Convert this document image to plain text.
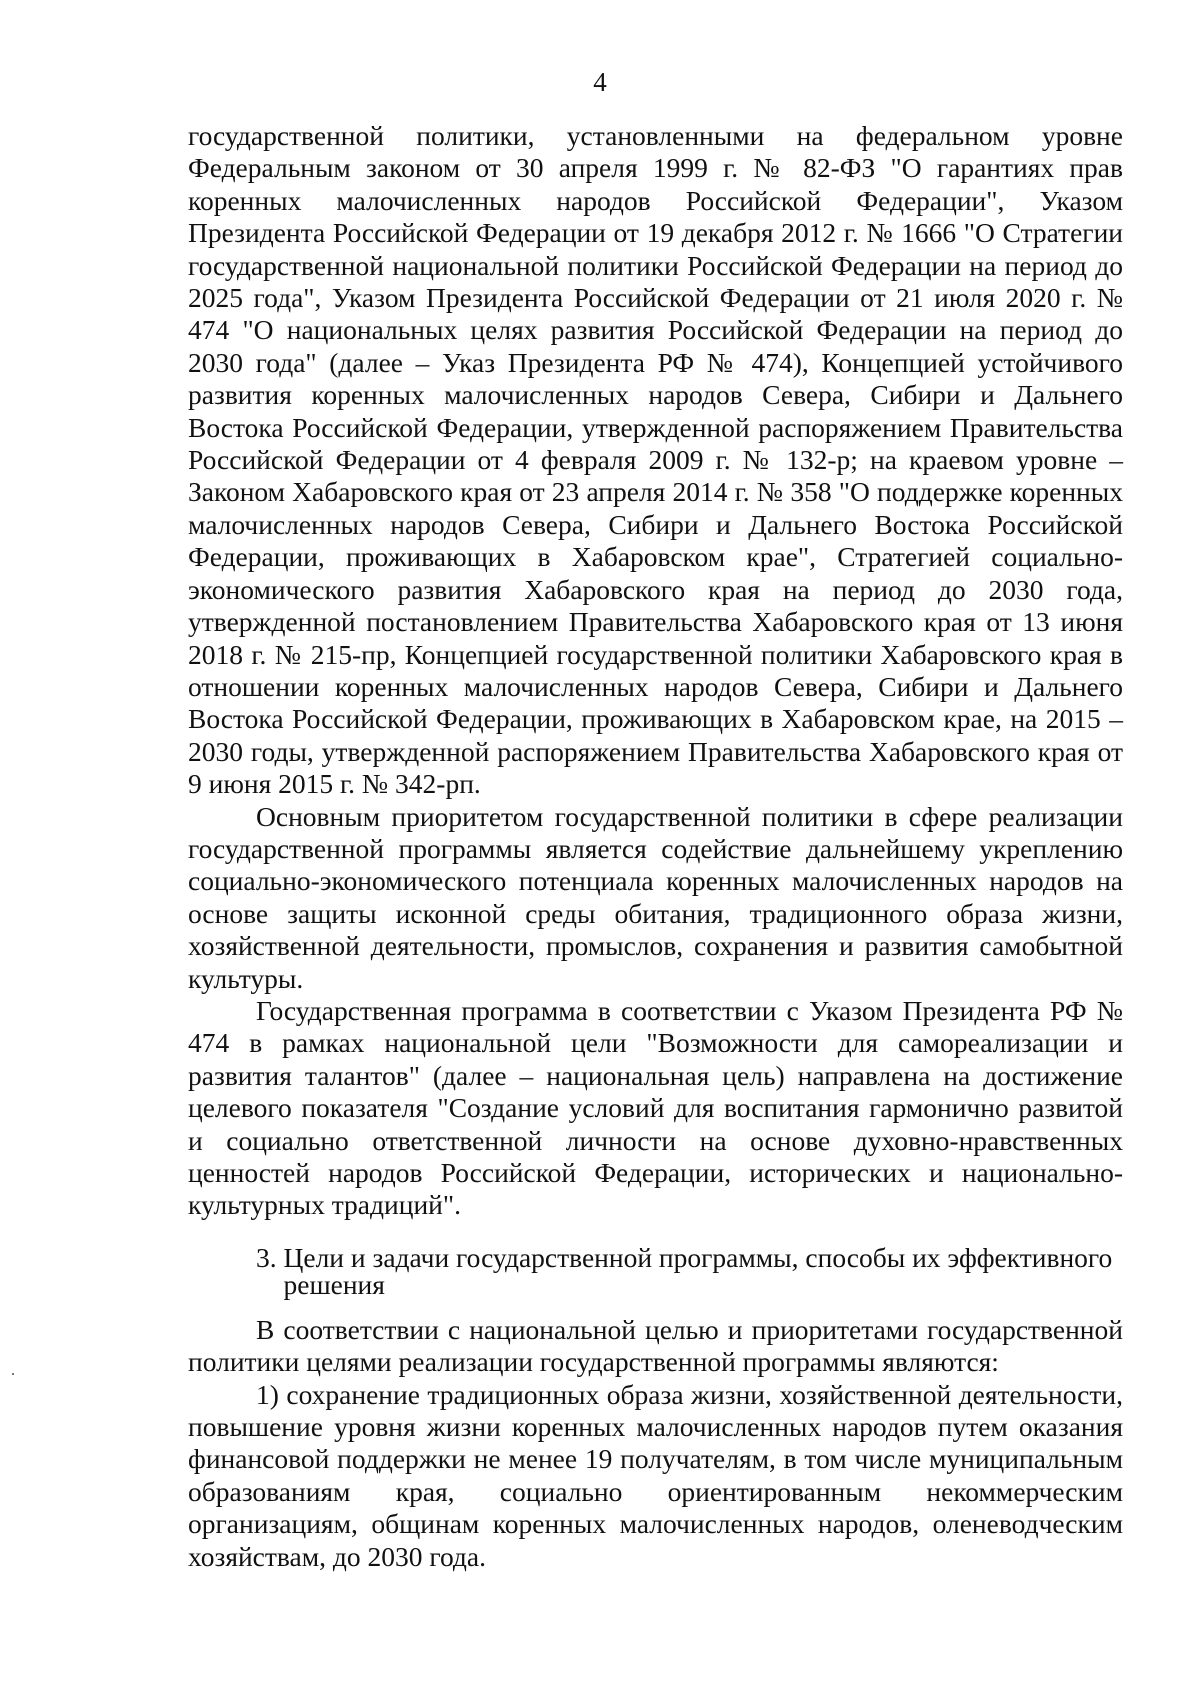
4

государственной политики, установленными на федеральном уровне Федеральным законом от 30 апреля 1999 г. № 82-ФЗ "О гарантиях прав коренных малочисленных народов Российской Федерации", Указом Президента Российской Федерации от 19 декабря 2012 г. № 1666 "О Стратегии государственной национальной политики Российской Федерации на период до 2025 года", Указом Президента Российской Федерации от 21 июля 2020 г. № 474 "О национальных целях развития Российской Федерации на период до 2030 года" (далее – Указ Президента РФ № 474), Концепцией устойчивого развития коренных малочисленных народов Севера, Сибири и Дальнего Востока Российской Федерации, утвержденной распоряжением Правительства Российской Федерации от 4 февраля 2009 г. № 132-р; на краевом уровне – Законом Хабаровского края от 23 апреля 2014 г. № 358 "О поддержке коренных малочисленных народов Севера, Сибири и Дальнего Востока Российской Федерации, проживающих в Хабаровском крае", Стратегией социально-экономического развития Хабаровского края на период до 2030 года, утвержденной постановлением Правительства Хабаровского края от 13 июня 2018 г. № 215-пр, Концепцией государственной политики Хабаровского края в отношении коренных малочисленных народов Севера, Сибири и Дальнего Востока Российской Федерации, проживающих в Хабаровском крае, на 2015 – 2030 годы, утвержденной распоряжением Правительства Хабаровского края от 9 июня 2015 г. № 342-рп.

Основным приоритетом государственной политики в сфере реализации государственной программы является содействие дальнейшему укреплению социально-экономического потенциала коренных малочисленных народов на основе защиты исконной среды обитания, традиционного образа жизни, хозяйственной деятельности, промыслов, сохранения и развития самобытной культуры.

Государственная программа в соответствии с Указом Президента РФ № 474 в рамках национальной цели "Возможности для самореализации и развития талантов" (далее – национальная цель) направлена на достижение целевого показателя "Создание условий для воспитания гармонично развитой и социально ответственной личности на основе духовно-нравственных ценностей народов Российской Федерации, исторических и национально-культурных традиций".

3. Цели и задачи государственной программы, способы их эффективного решения

В соответствии с национальной целью и приоритетами государственной политики целями реализации государственной программы являются:

1) сохранение традиционных образа жизни, хозяйственной деятельности, повышение уровня жизни коренных малочисленных народов путем оказания финансовой поддержки не менее 19 получателям, в том числе муниципальным образованиям края, социально ориентированным некоммерческим организациям, общинам коренных малочисленных народов, оленеводческим хозяйствам, до 2030 года.
